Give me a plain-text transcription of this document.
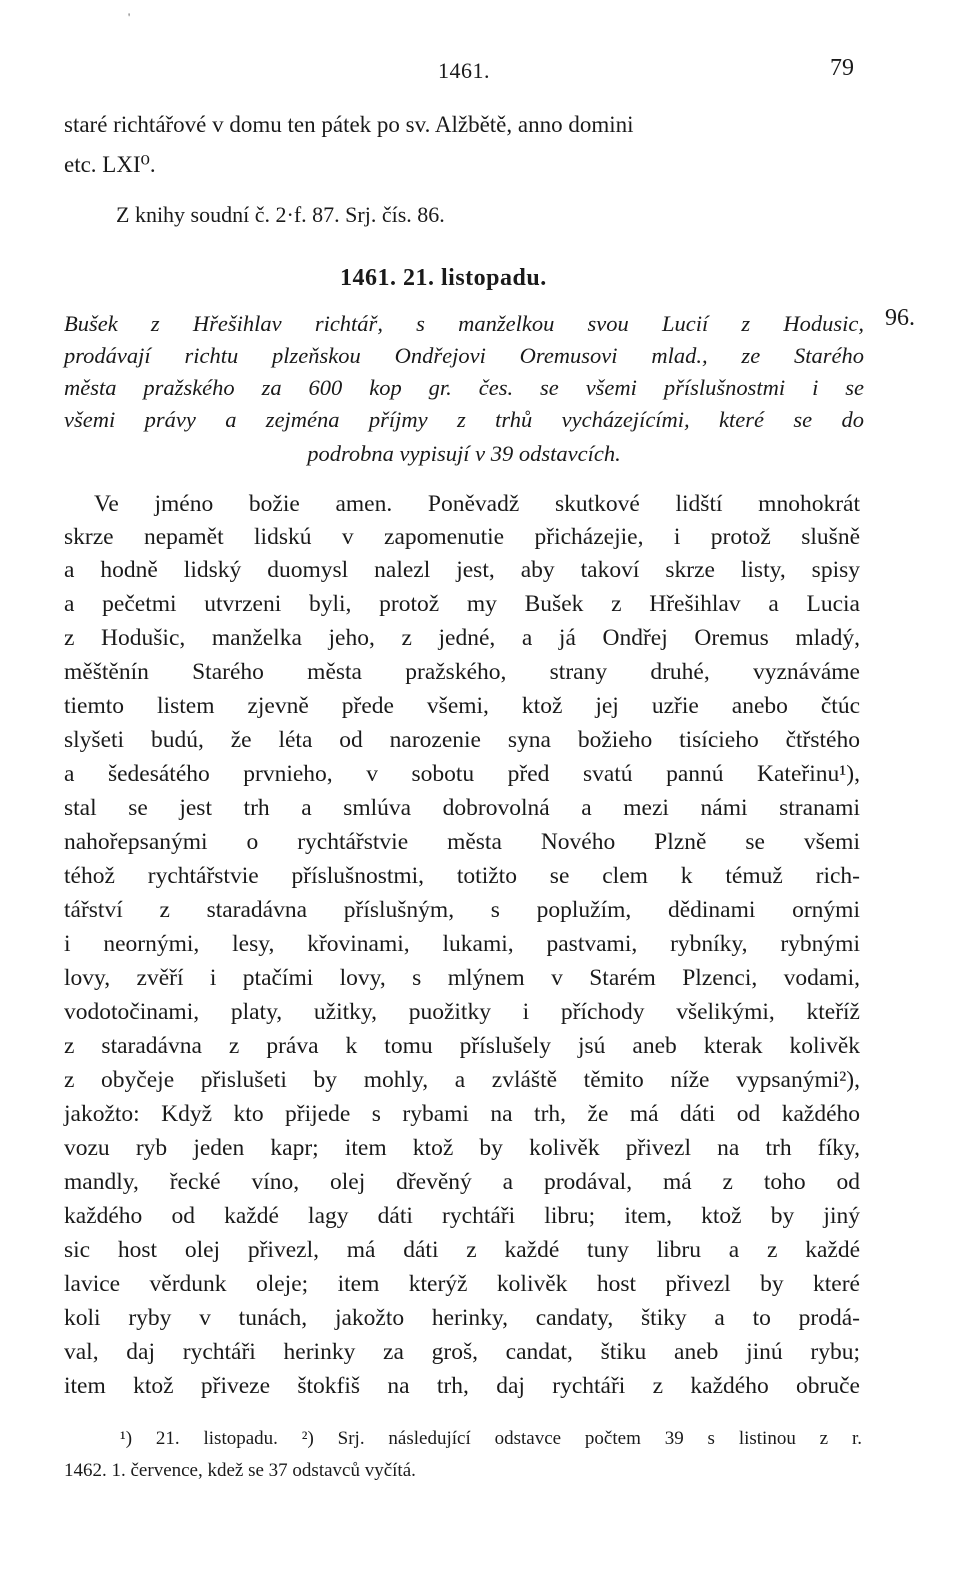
'
1461.	79
staré richtářové v domu ten pátek po sv. Alžbětě, anno domini
etc. LXI⁰.
Z knihy soudní č. 2·f. 87. Srj. čís. 86.
1461. 21. listopadu.
96.
Bušek z Hřešihlav richtář, s manželkou svou Lucií z Hodusic,
prodávají richtu plzeňskou Ondřejovi Oremusovi mlad., ze Starého
města pražského za 600 kop gr. čes. se všemi příslušnostmi i se
všemi právy a zejména příjmy z trhů vycházejícími, které se do
podrobna vypisují v 39 odstavcích.
Ve jméno božie amen. Poněvadž skutkové lidští mnohokrát
skrze nepamět lidskú v zapomenutie přicházejie, i protož slušně
a hodně lidský duomysl nalezl jest, aby takoví skrze listy, spisy
a pečetmi utvrzeni byli, protož my Bušek z Hřešihlav a Lucia
z Hodušic, manželka jeho, z jedné, a já Ondřej Oremus mladý,
měštěnín Starého města pražského, strany druhé, vyznáváme
tiemto listem zjevně přede všemi, ktož jej uzřie anebo čtúc
slyšeti budú, že léta od narozenie syna božieho tisícieho čtřstého
a šedesátého prvnieho, v sobotu před svatú pannú Kateřinu¹),
stal se jest trh a smlúva dobrovolná a mezi námi stranami
nahořepsanými o rychtářstvie města Nového Plzně se všemi
téhož rychtářstvie příslušnostmi, totižto se clem k témuž rich-
tářství z staradávna příslušným, s poplužím, dědinami ornými
i neornými, lesy, křovinami, lukami, pastvami, rybníky, rybnými
lovy, zvěří i ptačími lovy, s mlýnem v Starém Plzenci, vodami,
vodotočinami, platy, užitky, puožitky i příchody všelikými, kteříž
z staradávna z práva k tomu příslušely jsú aneb kterak kolivěk
z obyčeje přislušeti by mohly, a zvláště těmito níže vypsanými²),
jakožto: Když kto přijede s rybami na trh, že má dáti od každého
vozu ryb jeden kapr; item ktož by kolivěk přivezl na trh fíky,
mandly, řecké víno, olej dřevěný a prodával, má z toho od
každého od každé lagy dáti rychtáři libru; item, ktož by jiný
sic host olej přivezl, má dáti z každé tuny libru a z každé
lavice věrdunk oleje; item kterýž kolivěk host přivezl by které
koli ryby v tunách, jakožto herinky, candaty, štiky a to prodá-
val, daj rychtáři herinky za groš, candat, štiku aneb jinú rybu;
item ktož přiveze štokfiš na trh, daj rychtáři z každého obruče
¹) 21. listopadu. ²) Srj. následující odstavce počtem 39 s listinou z r.
1462. 1. července, kdež se 37 odstavců vyčítá.
